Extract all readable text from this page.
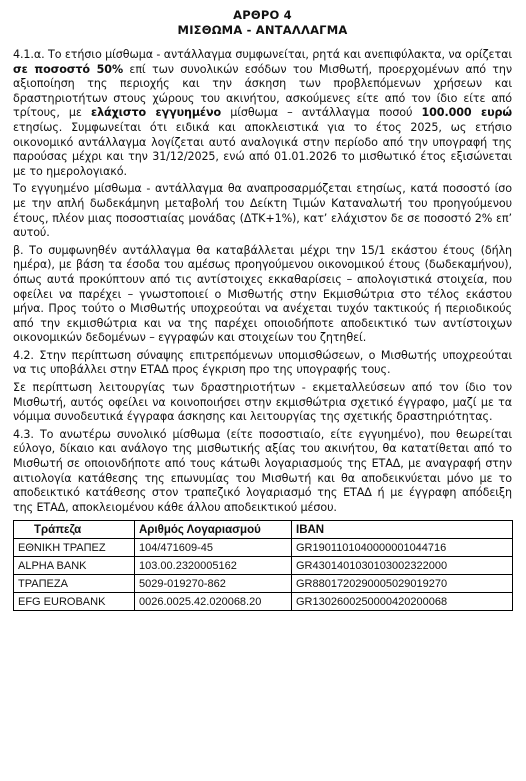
ΑΡΘΡΟ 4
ΜΙΣΘΩΜΑ - ΑΝΤΑΛΛΑΓΜΑ

4.1.α. Το ετήσιο μίσθωμα - αντάλλαγμα συμφωνείται, ρητά και ανεπιφύλακτα, να ορίζεται σε ποσοστό 50% επί των συνολικών εσόδων του Μισθωτή, προερχομένων από την αξιοποίηση της περιοχής και την άσκηση των προβλεπόμενων χρήσεων και δραστηριοτήτων στους χώρους του ακινήτου, ασκούμενες είτε από τον ίδιο είτε από τρίτους, με ελάχιστο εγγυημένο μίσθωμα – αντάλλαγμα ποσού 100.000 ευρώ ετησίως. Συμφωνείται ότι ειδικά και αποκλειστικά για το έτος 2025, ως ετήσιο οικονομικό αντάλλαγμα λογίζεται αυτό αναλογικά στην περίοδο από την υπογραφή της παρούσας μέχρι και την 31/12/2025, ενώ από 01.01.2026 το μισθωτικό έτος εξισώνεται με το ημερολογιακό.

Το εγγυημένο μίσθωμα - αντάλλαγμα θα αναπροσαρμόζεται ετησίως, κατά ποσοστό ίσο με την απλή δωδεκάμηνη μεταβολή του Δείκτη Τιμών Καταναλωτή του προηγούμενου έτους, πλέον μιας ποσοστιαίας μονάδας (ΔΤΚ+1%), κατ’ ελάχιστον δε σε ποσοστό 2% επ’ αυτού.

β. Το συμφωνηθέν αντάλλαγμα θα καταβάλλεται μέχρι την 15/1 εκάστου έτους (δήλη ημέρα), με βάση τα έσοδα του αμέσως προηγούμενου οικονομικού έτους (δωδεκαμήνου), όπως αυτά προκύπτουν από τις αντίστοιχες εκκαθαρίσεις – απολογιστικά στοιχεία, που οφείλει να παρέχει – γνωστοποιεί ο Μισθωτής στην Εκμισθώτρια στο τέλος εκάστου μήνα. Προς τούτο ο Μισθωτής υποχρεούται να ανέχεται τυχόν τακτικούς ή περιοδικούς από την εκμισθώτρια και να της παρέχει οποιοδήποτε αποδεικτικό των αντίστοιχων οικονομικών δεδομένων – εγγραφών και στοιχείων του ζητηθεί.

4.2. Στην περίπτωση σύναψης επιτρεπόμενων υπομισθώσεων, ο Μισθωτής υποχρεούται να τις υποβάλλει στην ΕΤΑΔ προς έγκριση προ της υπογραφής τους.

Σε περίπτωση λειτουργίας των δραστηριοτήτων - εκμεταλλεύσεων από τον ίδιο τον Μισθωτή, αυτός οφείλει να κοινοποιήσει στην εκμισθώτρια σχετικό έγγραφο, μαζί με τα νόμιμα συνοδευτικά έγγραφα άσκησης και λειτουργίας της σχετικής δραστηριότητας.

4.3. Το ανωτέρω συνολικό μίσθωμα (είτε ποσοστιαίο, είτε εγγυημένο), που θεωρείται εύλογο, δίκαιο και ανάλογο της μισθωτικής αξίας του ακινήτου, θα κατατίθεται από το Μισθωτή σε οποιονδήποτε από τους κάτωθι λογαριασμούς της ΕΤΑΔ, με αναγραφή στην αιτιολογία κατάθεσης της επωνυμίας του Μισθωτή και θα αποδεικνύεται μόνο με το αποδεικτικό κατάθεσης στον τραπεζικό λογαριασμό της ΕΤΑΔ ή με έγγραφη απόδειξη της ΕΤΑΔ, αποκλειομένου κάθε άλλου αποδεικτικού μέσου.

Τράπεζα	Αριθμός Λογαριασμού	IBAN
ΕΘΝΙΚΗ ΤΡΑΠΕΖ	104/471609-45	GR1901101040000001044716
ALPHA BANK	103.00.2320005162	GR4301401030103002322000
ΤΡΑΠΕΖΑ	5029-019270-862	GR8801720290005029019270
EFG EUROBANK	0026.0025.42.020068.20	GR1302600250000420200068
